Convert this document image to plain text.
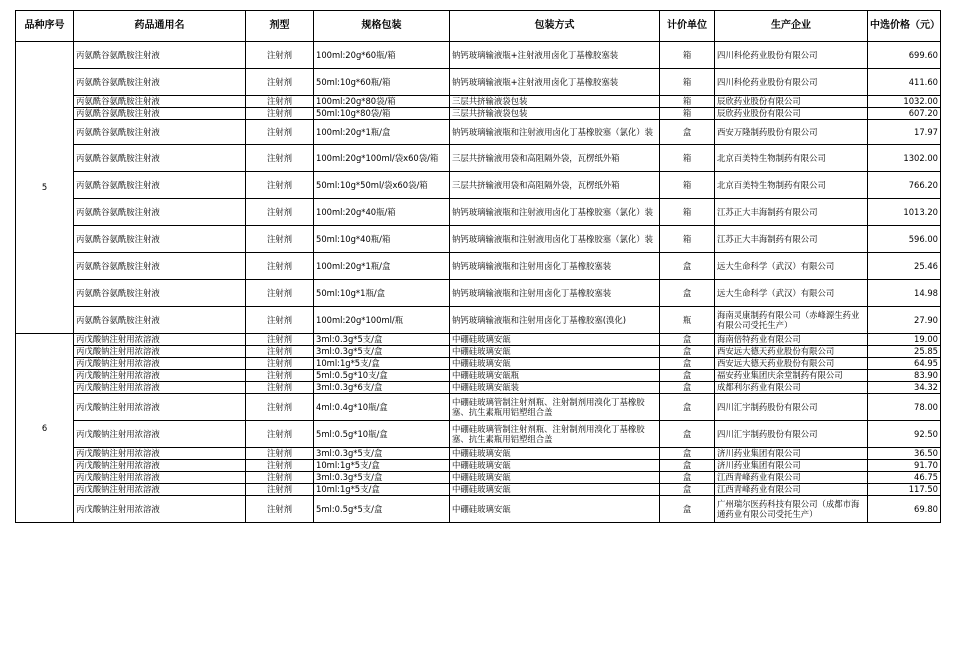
品种序号	药品通用名	剂型	规格包装	包装方式	计价单位	生产企业	中选价格（元）
5	丙氨酰谷氨酰胺注射液	注射剂	100ml:20g*60瓶/箱	钠钙玻璃输液瓶+注射液用卤化丁基橡胶塞装	箱	四川科伦药业股份有限公司	699.60
	丙氨酰谷氨酰胺注射液	注射剂	50ml:10g*60瓶/箱	钠钙玻璃输液瓶+注射液用卤化丁基橡胶塞装	箱	四川科伦药业股份有限公司	411.60
	丙氨酰谷氨酰胺注射液	注射剂	100ml:20g*80袋/箱	三层共挤输液袋包装	箱	辰欣药业股份有限公司	1032.00
	丙氨酰谷氨酰胺注射液	注射剂	50ml:10g*80袋/箱	三层共挤输液袋包装	箱	辰欣药业股份有限公司	607.20
	丙氨酰谷氨酰胺注射液	注射剂	100ml:20g*1瓶/盒	钠钙玻璃输液瓶和注射液用卤化丁基橡胶塞（氯化）装	盒	西安万隆制药股份有限公司	17.97
	丙氨酰谷氨酰胺注射液	注射剂	100ml:20g*100ml/袋x60袋/箱	三层共挤输液用袋和高阻隔外袋，瓦楞纸外箱	箱	北京百美特生物制药有限公司	1302.00
	丙氨酰谷氨酰胺注射液	注射剂	50ml:10g*50ml/袋x60袋/箱	三层共挤输液用袋和高阻隔外袋，瓦楞纸外箱	箱	北京百美特生物制药有限公司	766.20
	丙氨酰谷氨酰胺注射液	注射剂	100ml:20g*40瓶/箱	钠钙玻璃输液瓶和注射液用卤化丁基橡胶塞（氯化）装	箱	江苏正大丰海制药有限公司	1013.20
	丙氨酰谷氨酰胺注射液	注射剂	50ml:10g*40瓶/箱	钠钙玻璃输液瓶和注射液用卤化丁基橡胶塞（氯化）装	箱	江苏正大丰海制药有限公司	596.00
	丙氨酰谷氨酰胺注射液	注射剂	100ml:20g*1瓶/盒	钠钙玻璃输液瓶和注射用卤化丁基橡胶塞装	盒	远大生命科学（武汉）有限公司	25.46
	丙氨酰谷氨酰胺注射液	注射剂	50ml:10g*1瓶/盒	钠钙玻璃输液瓶和注射用卤化丁基橡胶塞装	盒	远大生命科学（武汉）有限公司	14.98
	丙氨酰谷氨酰胺注射液	注射剂	100ml:20g*100ml/瓶	钠钙玻璃输液瓶和注射用卤化丁基橡胶塞(溴化)	瓶	海南灵康制药有限公司（赤峰源生药业有限公司受托生产）	27.90
6	丙戊酸钠注射用浓溶液	注射剂	3ml:0.3g*5支/盒	中硼硅玻璃安瓿	盒	海南倍特药业有限公司	19.00
	丙戊酸钠注射用浓溶液	注射剂	3ml:0.3g*5支/盒	中硼硅玻璃安瓿	盒	西安远大德天药业股份有限公司	25.85
	丙戊酸钠注射用浓溶液	注射剂	10ml:1g*5支/盒	中硼硅玻璃安瓿	盒	西安远大德天药业股份有限公司	64.95
	丙戊酸钠注射用浓溶液	注射剂	5ml:0.5g*10支/盒	中硼硅玻璃安瓿瓶	盒	福安药业集团庆余堂制药有限公司	83.90
	丙戊酸钠注射用浓溶液	注射剂	3ml:0.3g*6支/盒	中硼硅玻璃安瓿装	盒	成都利尔药业有限公司	34.32
	丙戊酸钠注射用浓溶液	注射剂	4ml:0.4g*10瓶/盒	中硼硅玻璃管制注射剂瓶、注射制剂用溴化丁基橡胶塞、抗生素瓶用铝塑组合盖	盒	四川汇宇制药股份有限公司	78.00
	丙戊酸钠注射用浓溶液	注射剂	5ml:0.5g*10瓶/盒	中硼硅玻璃管制注射剂瓶、注射制剂用溴化丁基橡胶塞、抗生素瓶用铝塑组合盖	盒	四川汇宇制药股份有限公司	92.50
	丙戊酸钠注射用浓溶液	注射剂	3ml:0.3g*5支/盒	中硼硅玻璃安瓿	盒	济川药业集团有限公司	36.50
	丙戊酸钠注射用浓溶液	注射剂	10ml:1g*5支/盒	中硼硅玻璃安瓿	盒	济川药业集团有限公司	91.70
	丙戊酸钠注射用浓溶液	注射剂	3ml:0.3g*5支/盒	中硼硅玻璃安瓿	盒	江西青峰药业有限公司	46.75
	丙戊酸钠注射用浓溶液	注射剂	10ml:1g*5支/盒	中硼硅玻璃安瓿	盒	江西青峰药业有限公司	117.50
	丙戊酸钠注射用浓溶液	注射剂	5ml:0.5g*5支/盒	中硼硅玻璃安瓿	盒	广州瑞尔医药科技有限公司（成都市海通药业有限公司受托生产）	69.80
